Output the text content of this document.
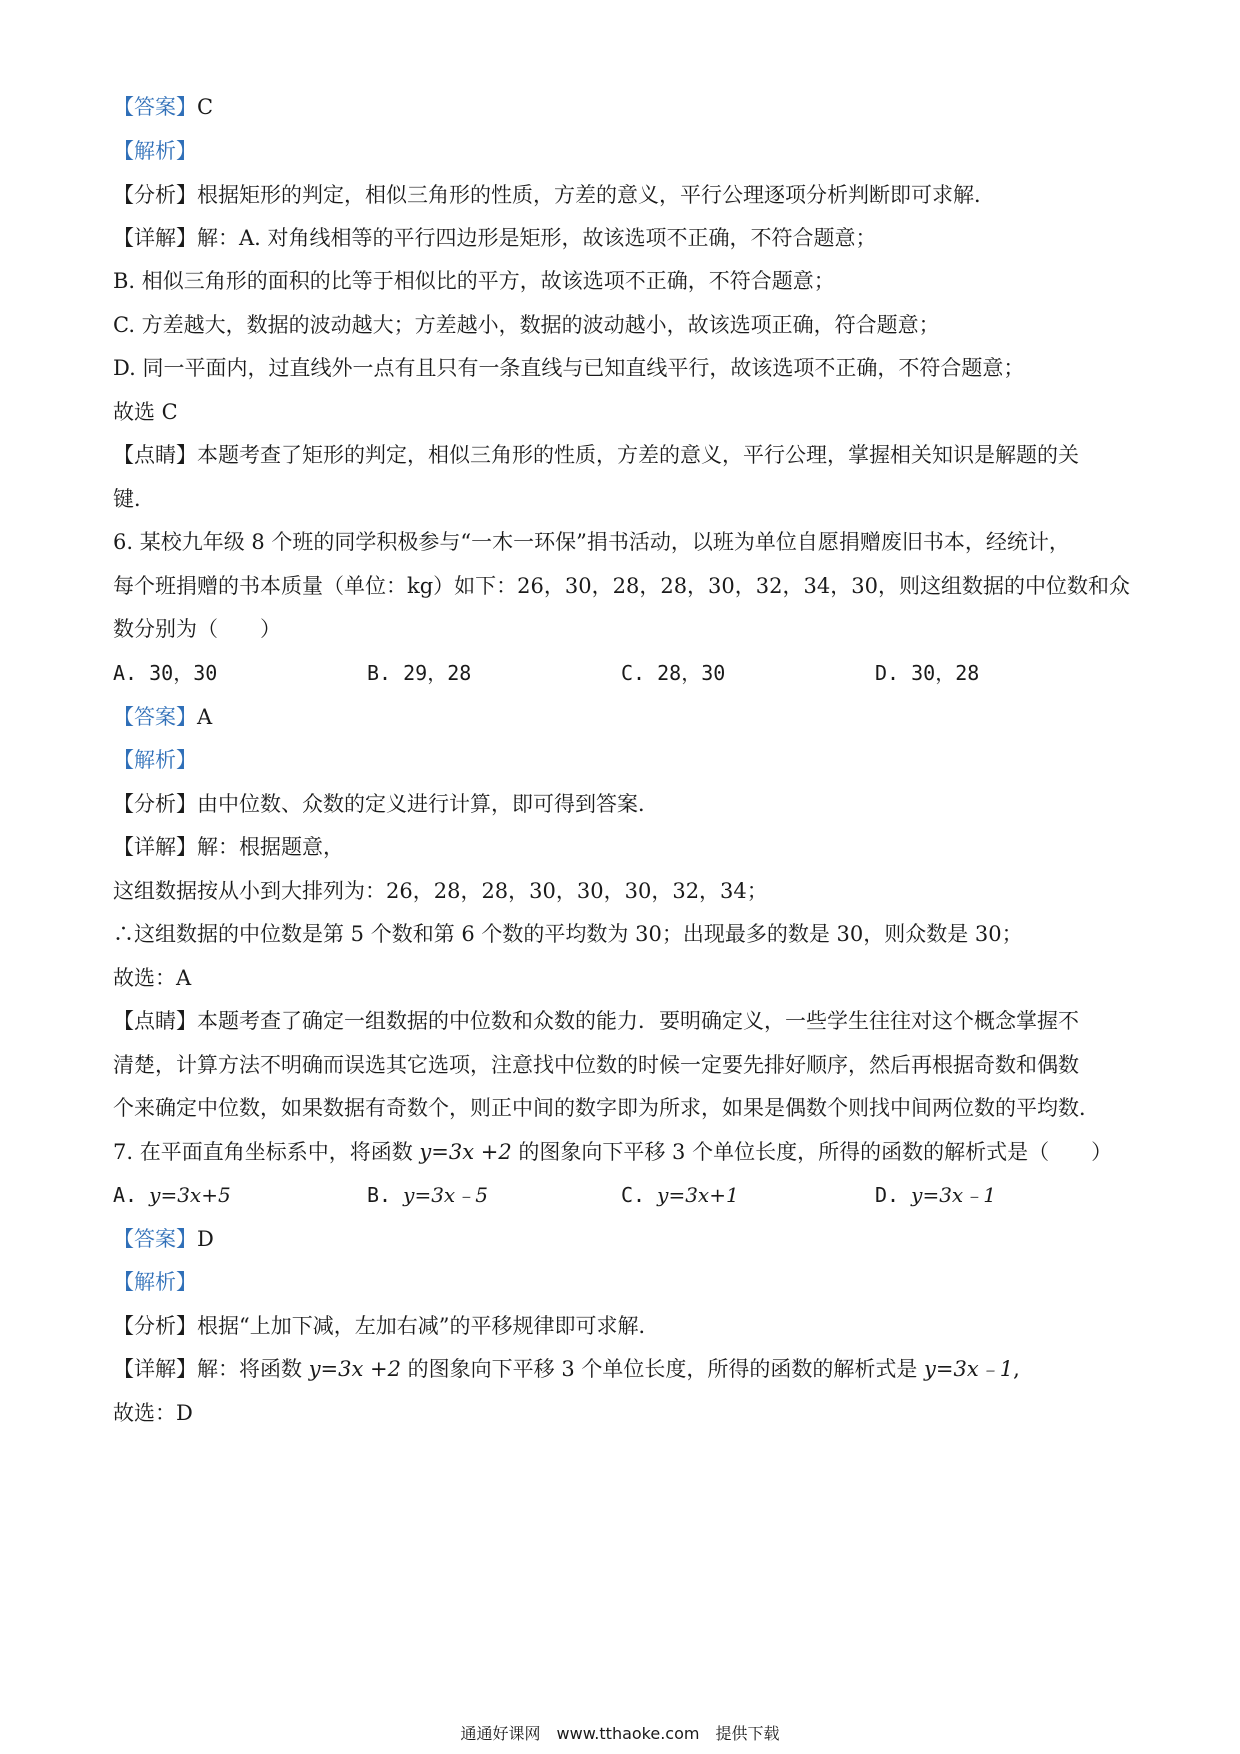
【答案】C
【解析】
【分析】根据矩形的判定，相似三角形的性质，方差的意义，平行公理逐项分析判断即可求解．
【详解】解：A. 对角线相等的平行四边形是矩形，故该选项不正确，不符合题意；
B. 相似三角形的面积的比等于相似比的平方，故该选项不正确，不符合题意；
C. 方差越大，数据的波动越大；方差越小，数据的波动越小，故该选项正确，符合题意；
D. 同一平面内，过直线外一点有且只有一条直线与已知直线平行，故该选项不正确，不符合题意；
故选 C
【点睛】本题考查了矩形的判定，相似三角形的性质，方差的意义，平行公理，掌握相关知识是解题的关
键．
6. 某校九年级 8 个班的同学积极参与“一木一环保”捐书活动，以班为单位自愿捐赠废旧书本，经统计，
每个班捐赠的书本质量（单位：kg）如下：26，30，28，28，30，32，34，30，则这组数据的中位数和众
数分别为（　　）
A. 30，30	B. 29，28	C. 28，30	D. 30，28
【答案】A
【解析】
【分析】由中位数、众数的定义进行计算，即可得到答案．
【详解】解：根据题意，
这组数据按从小到大排列为：26，28，28，30，30，30，32，34；
∴这组数据的中位数是第 5 个数和第 6 个数的平均数为 30；出现最多的数是 30，则众数是 30；
故选：A
【点睛】本题考查了确定一组数据的中位数和众数的能力．要明确定义，一些学生往往对这个概念掌握不
清楚，计算方法不明确而误选其它选项，注意找中位数的时候一定要先排好顺序，然后再根据奇数和偶数
个来确定中位数，如果数据有奇数个，则正中间的数字即为所求，如果是偶数个则找中间两位数的平均数．
7. 在平面直角坐标系中，将函数 y=3x +2 的图象向下平移 3 个单位长度，所得的函数的解析式是（　　）
A. y=3x+5	B. y=3x﹣5	C. y=3x+1	D. y=3x﹣1
【答案】D
【解析】
【分析】根据“上加下减，左加右减”的平移规律即可求解．
【详解】解：将函数 y=3x +2 的图象向下平移 3 个单位长度，所得的函数的解析式是 y=3x﹣1,
故选：D
通通好课网　www.tthaoke.com　提供下载
